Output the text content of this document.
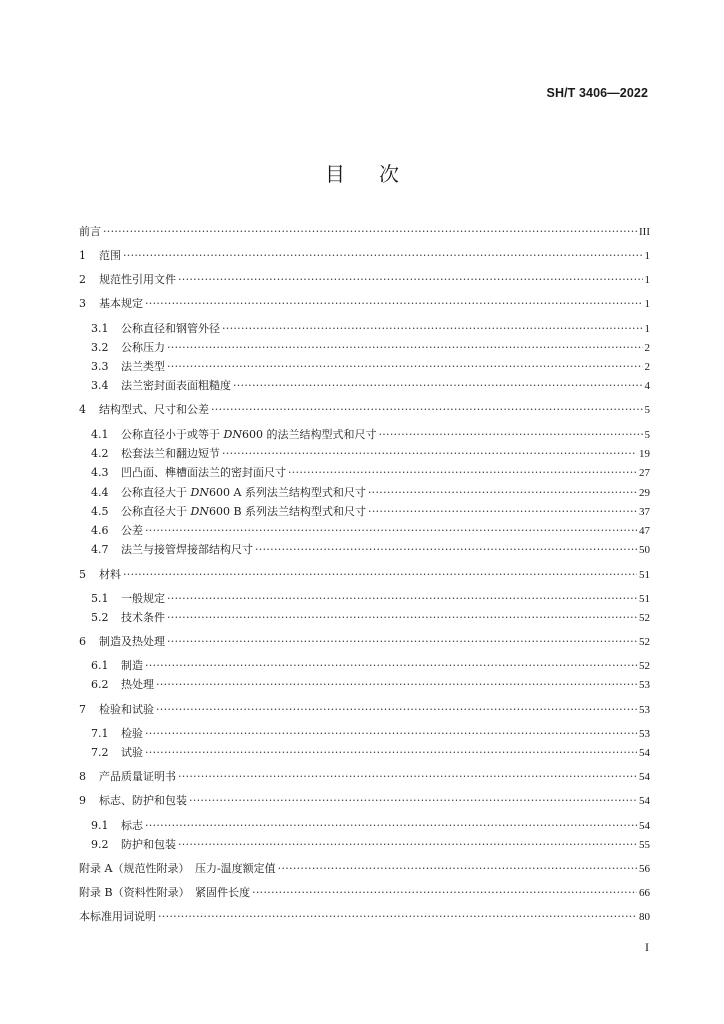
SH/T 3406—2022
目次
前言 ·····	III
1	范围 ·····	1
2	规范性引用文件 ·····	1
3	基本规定 ·····	1
3.1	公称直径和钢管外径 ·····	1
3.2	公称压力 ·····	2
3.3	法兰类型 ·····	2
3.4	法兰密封面表面粗糙度 ·····	4
4	结构型式、尺寸和公差 ·····	5
4.1	公称直径小于或等于 DN600 的法兰结构型式和尺寸 ·····	5
4.2	松套法兰和翻边短节 ·····	19
4.3	凹凸面、榫槽面法兰的密封面尺寸 ·····	27
4.4	公称直径大于 DN600 A 系列法兰结构型式和尺寸 ·····	29
4.5	公称直径大于 DN600 B 系列法兰结构型式和尺寸 ·····	37
4.6	公差 ·····	47
4.7	法兰与接管焊接部结构尺寸 ·····	50
5	材料 ·····	51
5.1	一般规定 ·····	51
5.2	技术条件 ·····	52
6	制造及热处理 ·····	52
6.1	制造 ·····	52
6.2	热处理 ·····	53
7	检验和试验 ·····	53
7.1	检验 ·····	53
7.2	试验 ·····	54
8	产品质量证明书 ·····	54
9	标志、防护和包装 ·····	54
9.1	标志 ·····	54
9.2	防护和包装 ·····	55
附录 A（规范性附录）　压力-温度额定值 ·····	56
附录 B（资料性附录）　紧固件长度 ·····	66
本标准用词说明 ·····	80
I
